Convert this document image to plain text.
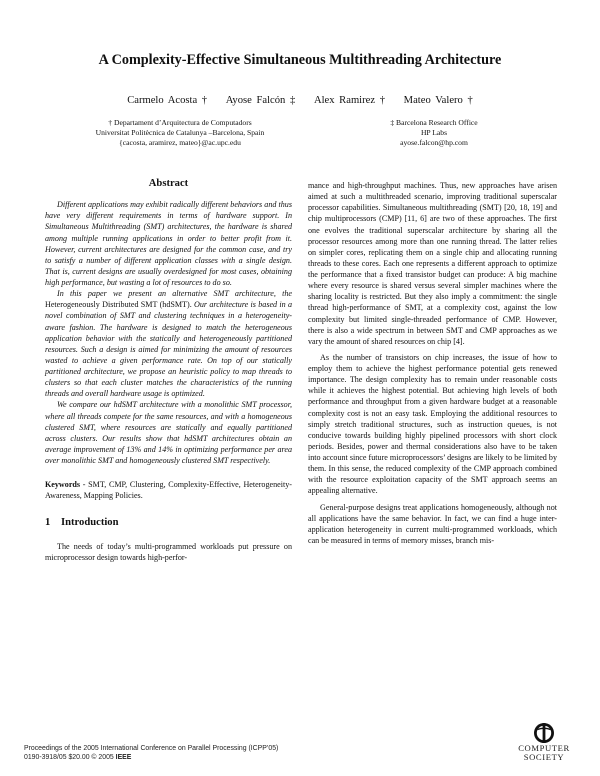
A Complexity-Effective Simultaneous Multithreading Architecture
Carmelo Acosta † Ayose Falcón ‡ Alex Ramirez † Mateo Valero †
† Departament d’Arquitectura de Computadors
Universitat Politècnica de Catalunya –Barcelona, Spain
{cacosta, aramirez, mateo}@ac.upc.edu
‡ Barcelona Research Office
HP Labs
ayose.falcon@hp.com
Abstract

Different applications may exhibit radically different behaviors and thus have very different requirements in terms of hardware support. In Simultaneous Multithreading (SMT) architectures, the hardware is shared among multiple running applications in order to better profit from it. However, current architectures are designed for the common case, and try to satisfy a number of different application classes with a single design. That is, current designs are usually overdesigned for most cases, obtaining high performance, but wasting a lot of resources to do so.

In this paper we present an alternative SMT architecture, the Heterogeneously Distributed SMT (hdSMT). Our architecture is based in a novel combination of SMT and clustering techniques in a heterogeneity-aware fashion. The hardware is designed to match the heterogeneous application behavior with the statically and heterogeneously partitioned resources. Such a design is aimed for minimizing the amount of resources wasted to achieve a given performance rate. On top of our statically partitioned architecture, we propose an heuristic policy to map threads to clusters so that each cluster matches the characteristics of the running threads and overall hardware usage is optimized.

We compare our hdSMT architecture with a monolithic SMT processor, where all threads compete for the same resources, and with a homogeneous clustered SMT, where resources are statically and equally partitioned across clusters. Our results show that hdSMT architectures obtain an average improvement of 13% and 14% in optimizing performance per area over monolithic SMT and homogeneously clustered SMT respectively.

Keywords - SMT, CMP, Clustering, Complexity-Effective, Heterogeneity-Awareness, Mapping Policies.

1 Introduction

The needs of today’s multi-programmed workloads put pressure on microprocessor design towards high-perfor-

mance and high-throughput machines. Thus, new approaches have arisen aimed at such a multithreaded scenario, improving traditional superscalar processor capabilities. Simultaneous multithreading (SMT) [20, 18, 19] and chip multiprocessors (CMP) [11, 6] are two of these approaches. The first one evolves the traditional superscalar architecture by sharing all the processor resources among more than one running thread. The latter relies on simpler cores, replicating them on a single chip and allocating running threads to these cores. Each one represents a different approach to optimize the performance that a fixed transistor budget can produce: A big machine where every resource is shared versus several simpler machines where the sharing locality is restricted. But they also imply a commitment: the single thread high-performance of SMT, at a complexity cost, against the low complexity but limited single-threaded performance of CMP. However, there is also a wide spectrum in between SMT and CMP approaches as we vary the amount of shared resources on chip [4].

As the number of transistors on chip increases, the issue of how to employ them to achieve the highest performance potential gets renewed importance. The design complexity has to remain under reasonable costs while it achieves the highest potential. But achieving high levels of both performance and throughput from a given hardware budget at a reasonable complexity cost is not an easy task. Employing the additional resources to simply stretch traditional structures, such as instruction queues, is not conducive towards building highly pipelined processors with short clock periods. Besides, power and thermal considerations also have to be taken into account since future microprocessors’ designs are likely to be limited by them. In this sense, the reduced complexity of the CMP approach combined with the resource exploitation capacity of the SMT approach seems an appealing alternative.

General-purpose designs treat applications homogeneously, although not all applications have the same behavior. In fact, we can find a huge inter-application heterogeneity in current multi-programmed workloads, which can be measured in terms of memory misses, branch mis-

Proceedings of the 2005 International Conference on Parallel Processing (ICPP’05)
0190-3918/05 $20.00 © 2005 IEEE
COMPUTER
SOCIETY
